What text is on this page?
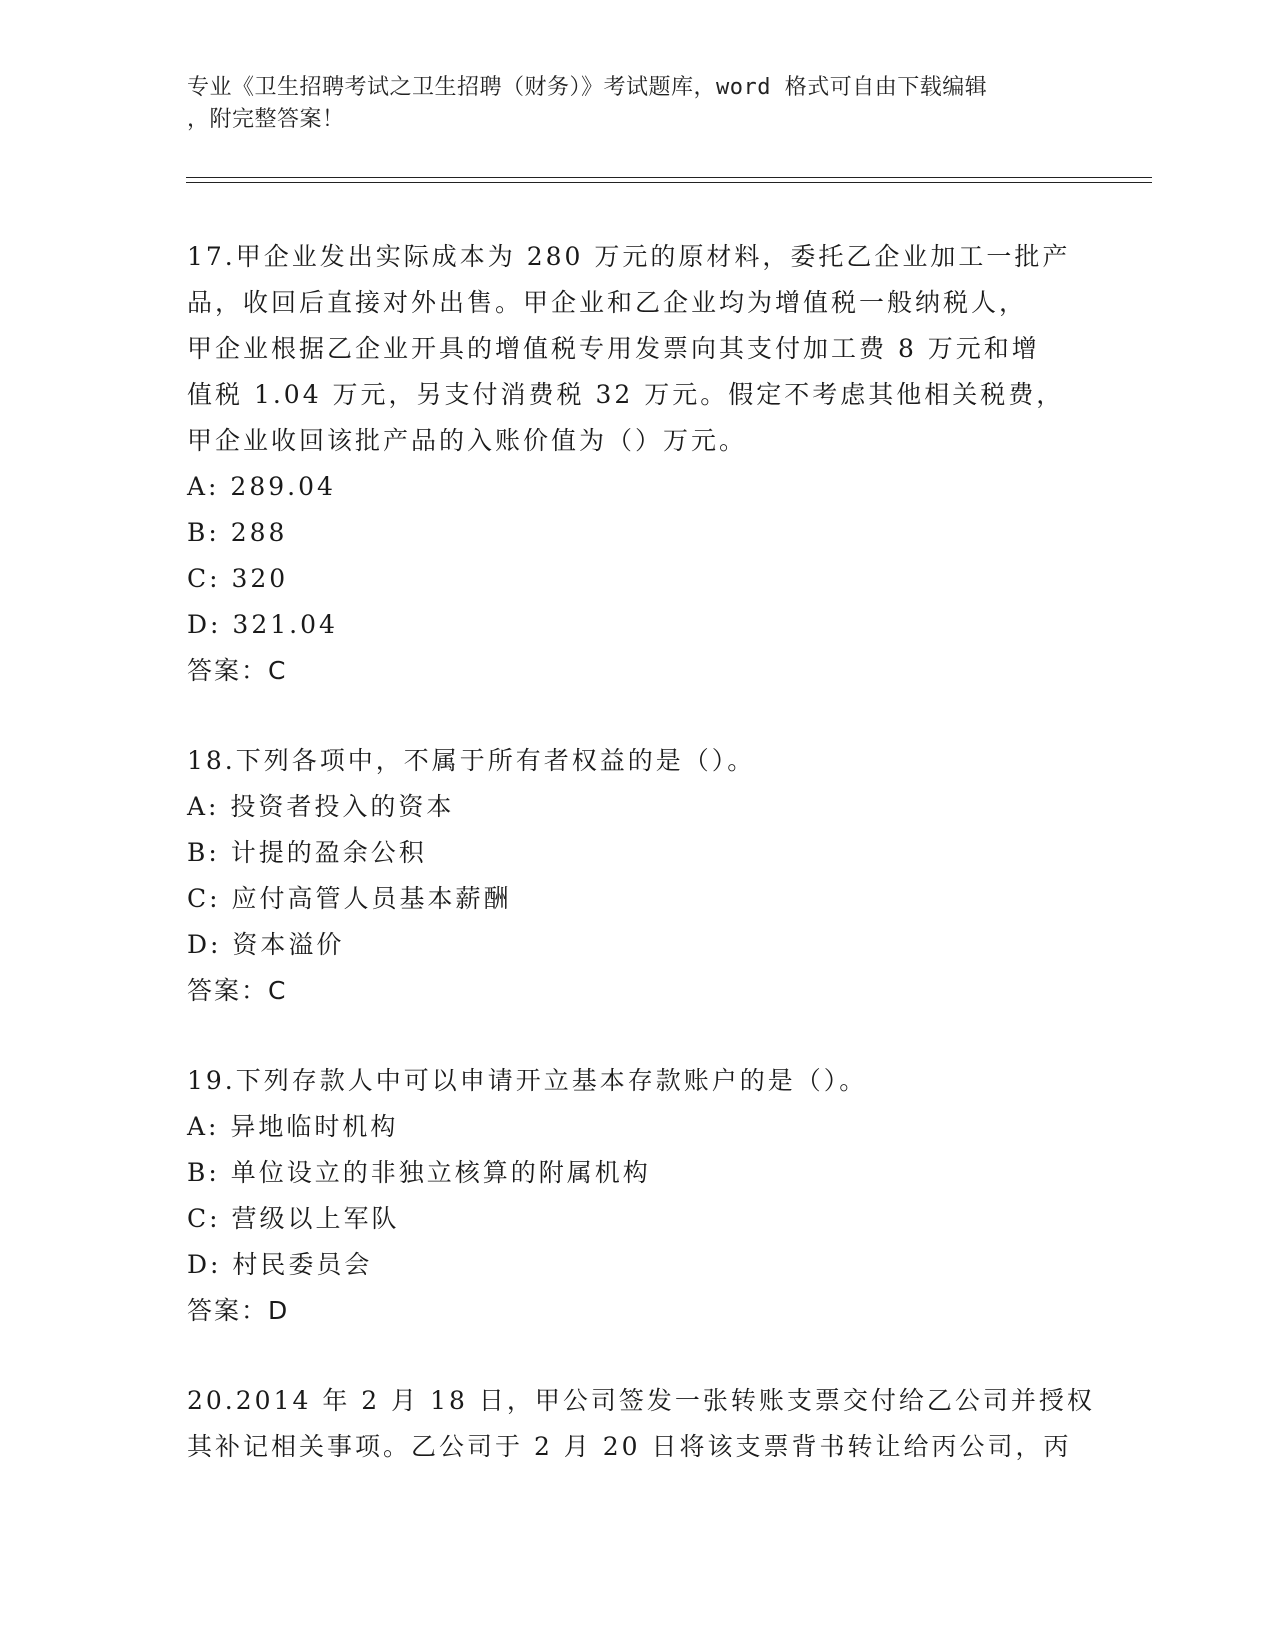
专业《卫生招聘考试之卫生招聘（财务）》考试题库，word 格式可自由下载编辑
，附完整答案！
17.甲企业发出实际成本为 280 万元的原材料，委托乙企业加工一批产
品，收回后直接对外出售。甲企业和乙企业均为增值税一般纳税人，
甲企业根据乙企业开具的增值税专用发票向其支付加工费 8 万元和增
值税 1.04 万元，另支付消费税 32 万元。假定不考虑其他相关税费，
甲企业收回该批产品的入账价值为（）万元。
A: 289.04
B: 288
C: 320
D: 321.04
答案：C
18.下列各项中，不属于所有者权益的是（）。
A: 投资者投入的资本
B: 计提的盈余公积
C: 应付高管人员基本薪酬
D: 资本溢价
答案：C
19.下列存款人中可以申请开立基本存款账户的是（）。
A: 异地临时机构
B: 单位设立的非独立核算的附属机构
C: 营级以上军队
D: 村民委员会
答案：D
20.2014 年 2 月 18 日，甲公司签发一张转账支票交付给乙公司并授权
其补记相关事项。乙公司于 2 月 20 日将该支票背书转让给丙公司，丙
